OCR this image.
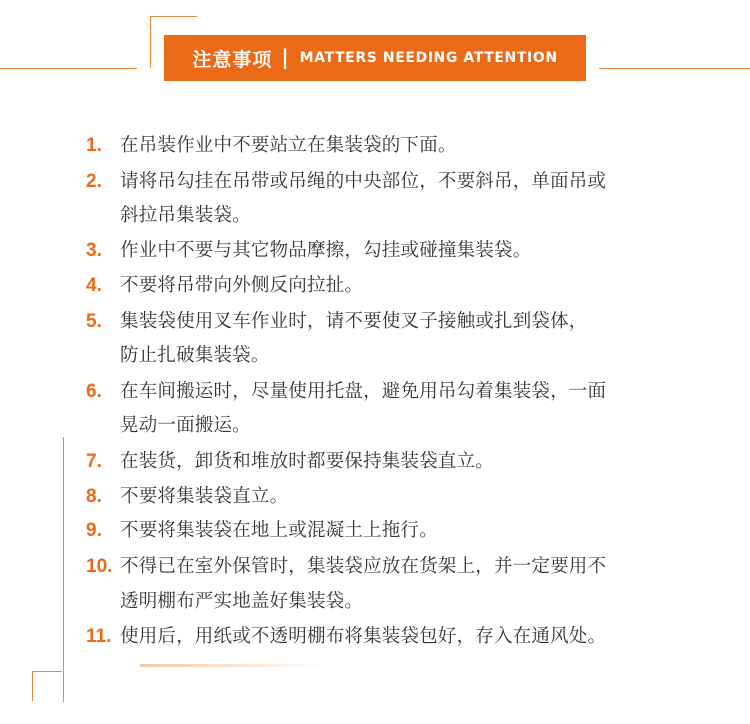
注意事项 | MATTERS NEEDING ATTENTION
1. 在吊装作业中不要站立在集装袋的下面。
2. 请将吊勾挂在吊带或吊绳的中央部位，不要斜吊，单面吊或
斜拉吊集装袋。
3. 作业中不要与其它物品摩擦，勾挂或碰撞集装袋。
4. 不要将吊带向外侧反向拉扯。
5. 集装袋使用叉车作业时，请不要使叉子接触或扎到袋体，
防止扎破集装袋。
6. 在车间搬运时，尽量使用托盘，避免用吊勾着集装袋，一面
晃动一面搬运。
7. 在装货，卸货和堆放时都要保持集装袋直立。
8. 不要将集装袋直立。
9. 不要将集装袋在地上或混凝土上拖行。
10. 不得已在室外保管时，集装袋应放在货架上，并一定要用不
透明棚布严实地盖好集装袋。
11. 使用后，用纸或不透明棚布将集装袋包好，存入在通风处。
